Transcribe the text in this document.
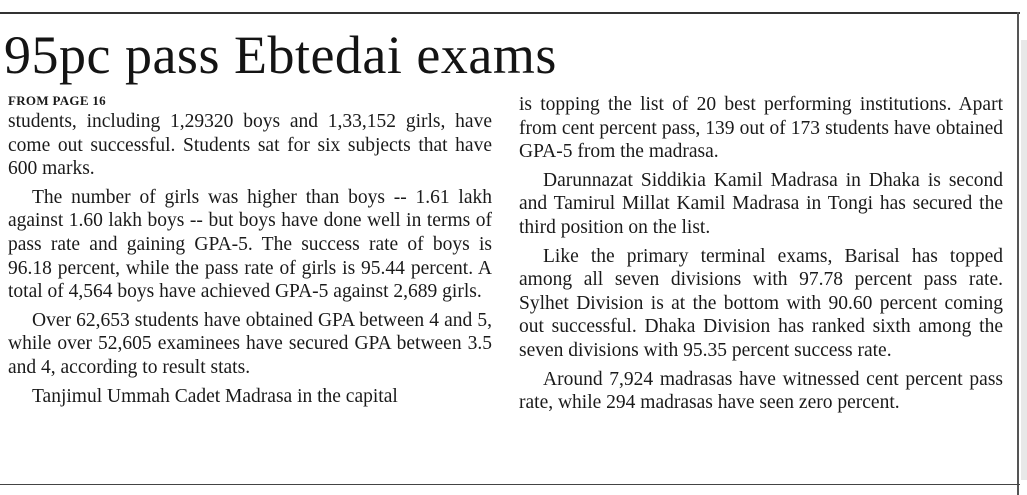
95pc pass Ebtedai exams
FROM PAGE 16

students, including 1,29320 boys and 1,33,152 girls, have come out successful. Students sat for six subjects that have 600 marks.

The number of girls was higher than boys -- 1.61 lakh against 1.60 lakh boys -- but boys have done well in terms of pass rate and gaining GPA-5. The success rate of boys is 96.18 percent, while the pass rate of girls is 95.44 percent. A total of 4,564 boys have achieved GPA-5 against 2,689 girls.

Over 62,653 students have obtained GPA between 4 and 5, while over 52,605 examinees have secured GPA between 3.5 and 4, according to result stats.

Tanjimul Ummah Cadet Madrasa in the capital

is topping the list of 20 best performing institutions. Apart from cent percent pass, 139 out of 173 students have obtained GPA-5 from the madrasa.

Darunnazat Siddikia Kamil Madrasa in Dhaka is second and Tamirul Millat Kamil Madrasa in Tongi has secured the third position on the list.

Like the primary terminal exams, Barisal has topped among all seven divisions with 97.78 percent pass rate. Sylhet Division is at the bottom with 90.60 percent coming out successful. Dhaka Division has ranked sixth among the seven divisions with 95.35 percent success rate.

Around 7,924 madrasas have witnessed cent percent pass rate, while 294 madrasas have seen zero percent.
